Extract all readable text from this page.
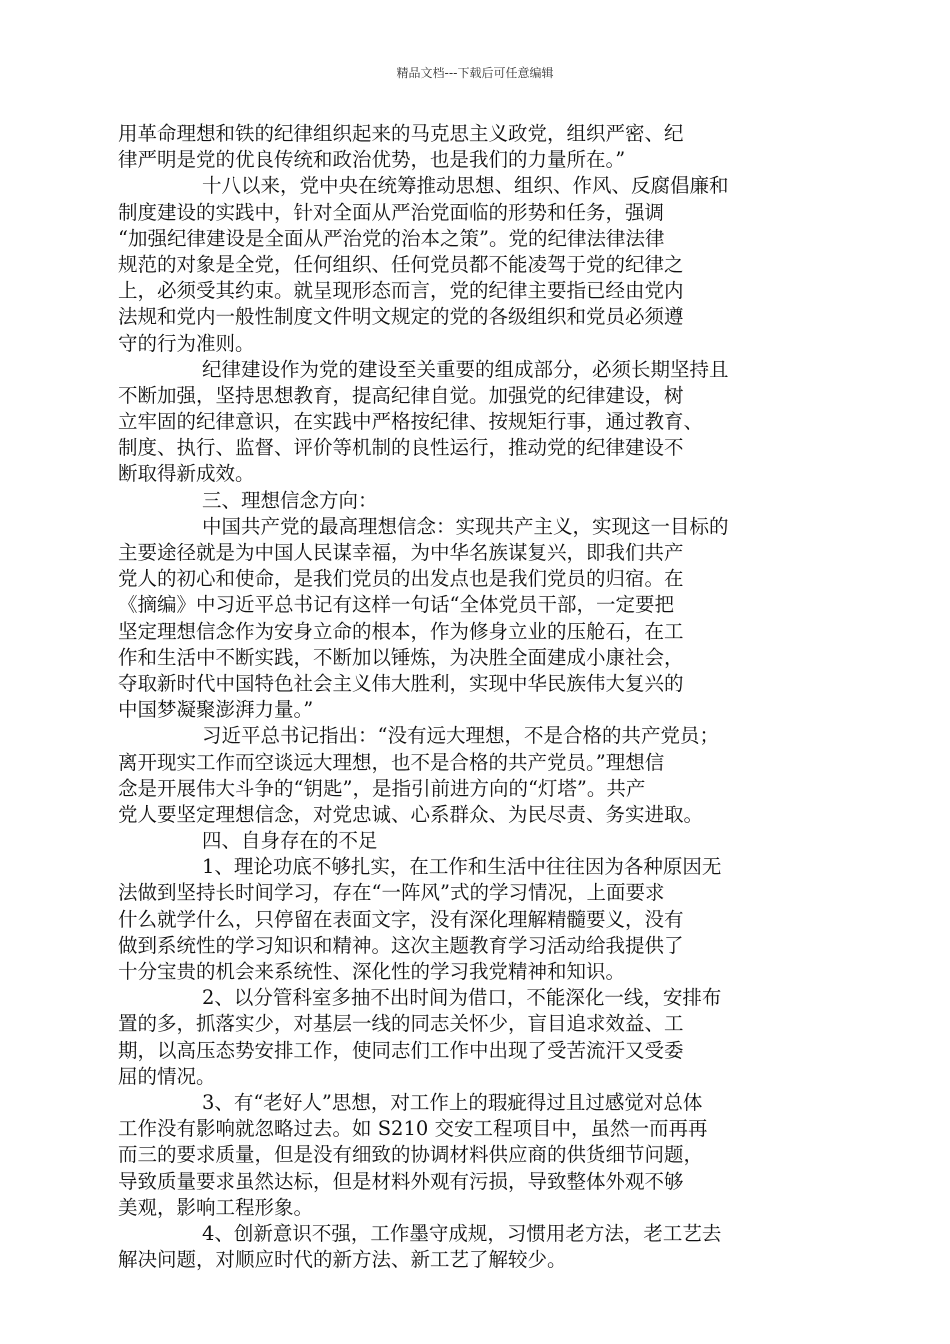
精品文档---下载后可任意编辑
用革命理想和铁的纪律组织起来的马克思主义政党，组织严密、纪
律严明是党的优良传统和政治优势，也是我们的力量所在。”
十八以来，党中央在统筹推动思想、组织、作风、反腐倡廉和
制度建设的实践中，针对全面从严治党面临的形势和任务，强调
“加强纪律建设是全面从严治党的治本之策”。党的纪律法律法律
规范的对象是全党，任何组织、任何党员都不能凌驾于党的纪律之
上，必须受其约束。就呈现形态而言，党的纪律主要指已经由党内
法规和党内一般性制度文件明文规定的党的各级组织和党员必须遵
守的行为准则。
纪律建设作为党的建设至关重要的组成部分，必须长期坚持且
不断加强，坚持思想教育，提高纪律自觉。加强党的纪律建设，树
立牢固的纪律意识，在实践中严格按纪律、按规矩行事，通过教育、
制度、执行、监督、评价等机制的良性运行，推动党的纪律建设不
断取得新成效。
三、理想信念方向：
中国共产党的最高理想信念：实现共产主义，实现这一目标的
主要途径就是为中国人民谋幸福，为中华名族谋复兴，即我们共产
党人的初心和使命，是我们党员的出发点也是我们党员的归宿。在
《摘编》中习近平总书记有这样一句话“全体党员干部，一定要把
坚定理想信念作为安身立命的根本，作为修身立业的压舱石，在工
作和生活中不断实践，不断加以锤炼，为决胜全面建成小康社会，
夺取新时代中国特色社会主义伟大胜利，实现中华民族伟大复兴的
中国梦凝聚澎湃力量。”
习近平总书记指出：“没有远大理想，不是合格的共产党员；
离开现实工作而空谈远大理想，也不是合格的共产党员。”理想信
念是开展伟大斗争的“钥匙”，是指引前进方向的“灯塔”。共产
党人要坚定理想信念，对党忠诚、心系群众、为民尽责、务实进取。
四、自身存在的不足
1、理论功底不够扎实，在工作和生活中往往因为各种原因无
法做到坚持长时间学习，存在“一阵风”式的学习情况，上面要求
什么就学什么，只停留在表面文字，没有深化理解精髓要义，没有
做到系统性的学习知识和精神。这次主题教育学习活动给我提供了
十分宝贵的机会来系统性、深化性的学习我党精神和知识。
2、以分管科室多抽不出时间为借口，不能深化一线，安排布
置的多，抓落实少，对基层一线的同志关怀少，盲目追求效益、工
期，以高压态势安排工作，使同志们工作中出现了受苦流汗又受委
屈的情况。
3、有“老好人”思想，对工作上的瑕疵得过且过感觉对总体
工作没有影响就忽略过去。如 S210 交安工程项目中，虽然一而再再
而三的要求质量，但是没有细致的协调材料供应商的供货细节问题，
导致质量要求虽然达标，但是材料外观有污损，导致整体外观不够
美观，影响工程形象。
4、创新意识不强，工作墨守成规，习惯用老方法，老工艺去
解决问题，对顺应时代的新方法、新工艺了解较少。
